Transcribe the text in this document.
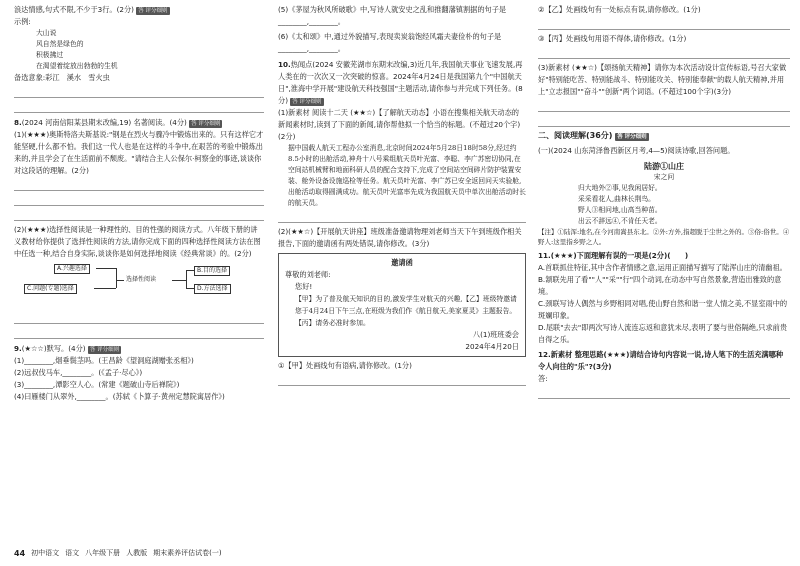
浪达情感,句式不限,不少于3行。(2分) 答 评分细则

示例:

大山说

风自然是绿色的

积极拂过

在渴望着绽放出勃勃的生机

备选意象:彩江　溪水　雪火虫

8.(2024 河南信阳某县期末改编,19) 名著阅读。(4分) 答 评分细则

(1)(★★★)奥斯特洛夫斯基说:"钢是在烈火与骤冷中锻炼出来的。只有这样它才能坚硬,什么都不怕。我们这一代人也是在这样的斗争中,在艰苦的考验中锻炼出来的,并且学会了在生活面前不颓废。"请结合主人公保尔·柯察金的事迹,谈谈你对这段话的理解。(2分)

(2)(★★★)选择性阅读是一种理性的、目的性强的阅读方式。八年级下册的讲义教材给你提供了选择性阅读的方法,请你完成下面的四种选择性阅读方法在图中任选一种,结合自身实际,谈谈你是如何选择地阅读《经典常谈》的。(2分)

A.兴趣选择
C.问题(专题)选择
选择性阅读
B.目的选择
D.方法选择

9.(★☆☆)默写。(4分) 答 评分细则

(1)________,烟垂鬓茎吗。(王昌龄《望洞庭湖赠张丞相》)

(2)远叔伐马车,________。(《孟子·尽心》)

(3)________,潭影空人心。(常建《题破山寺后禅院》)

(4)曰雁楼门从翠外,________。(苏轼《卜算子·黄州定慧院寓居作》)

(5)《茅屋为秋风所破歌》中,写诗人就安史之乱和推翻藩镇割据的句子是________,________。

(6)《太和颂》中,通过外貌描写,表现卖炭翁饱经风霜夫妻俭朴的句子是________,________。

10.热闻点(2024 安徽芜湖市东期末改编,3)近几年,我国航天事业飞速发展,再人类在的一次次又一次突破的惊喜。2024年4月24日是我国第九个"中国航天日",淮海中学开展"建设航天科技强国"主题活动,请你参与并完成下列任务。(8分) 答 评分细则

(1)新素材 阅读十二天 (★★☆)【了解航天动态】小语在搜集相关航天动态的新闻素材时,读到了下面的新闻,请你帮他拟一个恰当的标题。(不超过20个字)(2分)

据中国载人航天工程办公室消息,北京时间2024年5月28日18时58分,经过约8.5小时的出舱活动,神舟十八号乘组航天员叶光富、李聪、李广苏密切协同,在空间站机械臂和地面科研人员的配合支持下,完成了空间站空间碎片防护装置安装、舱外设备设施巡检等任务。航天员叶光富、李广苏已安全返回问天实验舱,出舱活动取得圆满成功。航天员叶光富率先成为我国航天员中单次出舱活动时长的航天员。

(2)(★★☆)【开展航天讲座】班级准备邀请物理刘老师当天下午到班级作相关报告,下面的邀请函有两处错误,请你修改。(3分)

邀请函

尊敬的刘老师:

您好!

【甲】为了普及航天知识的目的,激发学生对航天的兴趣,【乙】班级特邀请您于4月24日下午三点,在班级为我们作《航日航天,美家夏灵》主题报告。【丙】请务必准时参加。

八(1)班班委会

2024年4月20日

①【甲】处画线句有语病,请你修改。(1分)

②【乙】处画线句有一处标点有误,请你修改。(1分)

③【丙】处画线句用语不得体,请你修改。(1分)

(3)新素材 (★★☆)【颂扬航天精神】请你为本次活动设计宣传标语,号召大家做好"特别能吃苦、特别能战斗、特别能攻关、特别能奉献"的载人航天精神,并用上"立志报国""奋斗""创新"两个词语。(不超过100个字)(3分)

二、阅读理解(36分) 答 评分细则

(一)(2024 山东菏泽鲁西新区月考,4—5)阅读诗歌,回答问题。

陆游①山庄

宋之问

归大地外②事,见我闲居好。

采采看花人,曲林长荆鸟。

野人③相问地,山高当种苗。

出云不辞远④,不肯任天老。

【注】①陆浑:地名,在今河南嵩县东北。②外:方外,指超脱于尘世之外的。③俗:俗世。④野人:这里指乡野之人。

11.(★★★)下面理解有误的一项是(2分)(　　)

A.首联抓住特征,其中含作者情感之意,运用正面描写描写了陆浑山庄的清幽祖。

B.颔联先用了看""人""采""行"四个动词,在动态中写自然景象,营造出雅致的意境。

C.颈联写诗人偶然与乡野相同对唱,使山野自然和谐一堂人情之美,不显室雨中的斑斓印象。

D.尾联"去去"即两次写诗人流连忘返和意犹未尽,表明了要与世俗隔绝,只求前贵自得之乐。

12.新素材 整理思路(★★★)请结合诗句内容说一说,诗人笔下的生活充满哪种令人向往的"乐"?(3分)

答:

44 初中语文 语文 八年级下册 人教版 期末素养评估试卷(一)
